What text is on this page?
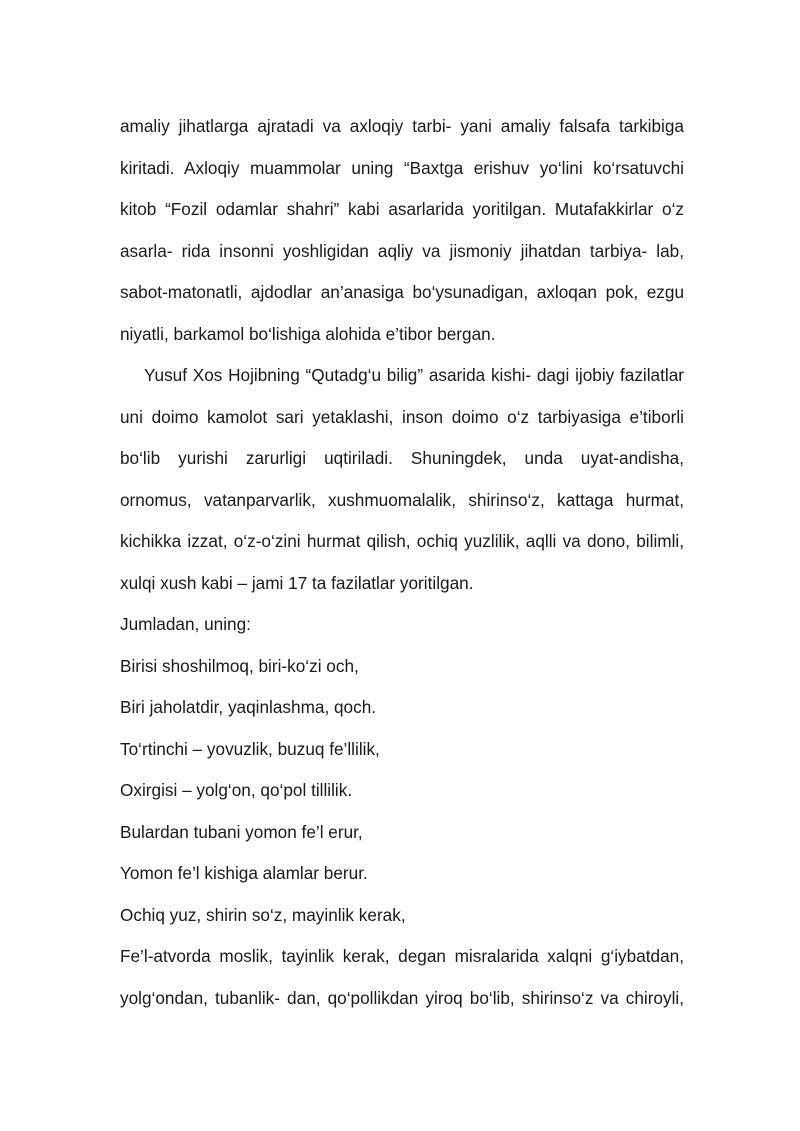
amaliy jihatlarga ajratadi va axloqiy tarbi- yani amaliy falsafa tarkibiga
kiritadi. Axloqiy muammolar uning “Baxtga erishuv yo‘lini ko‘rsatuvchi
kitob “Fozil odamlar shahri” kabi asarlarida yoritilgan. Mutafakkirlar o‘z
asarla- rida insonni yoshligidan aqliy va jismoniy jihatdan tarbiya- lab,
sabot-matonatli, ajdodlar an’anasiga bo‘ysunadigan, axloqan pok, ezgu
niyatli, barkamol bo‘lishiga alohida e’tibor bergan.
Yusuf Xos Hojibning “Qutadg‘u bilig” asarida kishi- dagi ijobiy fazilatlar
uni doimo kamolot sari yetaklashi, inson doimo o‘z tarbiyasiga e’tiborli
bo‘lib yurishi zarurligi uqtiriladi. Shuningdek, unda uyat-andisha,
ornomus, vatanparvarlik, xushmuomalalik, shirinso‘z, kattaga hurmat,
kichikka izzat, o‘z-o‘zini hurmat qilish, ochiq yuzlilik, aqlli va dono, bilimli,
xulqi xush kabi – jami 17 ta fazilatlar yoritilgan.
Jumladan, uning:
Birisi shoshilmoq, biri-ko‘zi och,
Biri jaholatdir, yaqinlashma, qoch.
To‘rtinchi – yovuzlik, buzuq fe’llilik,
Oxirgisi – yolg‘on, qo‘pol tillilik.
Bulardan tubani yomon fe’l erur,
Yomon fe’l kishiga alamlar berur.
Ochiq yuz, shirin so‘z, mayinlik kerak,
Fe’l-atvorda moslik, tayinlik kerak, degan misralarida xalqni g‘iybatdan,
yolg‘ondan, tubanlik- dan, qo‘pollikdan yiroq bo‘lib, shirinso‘z va chiroyli,
